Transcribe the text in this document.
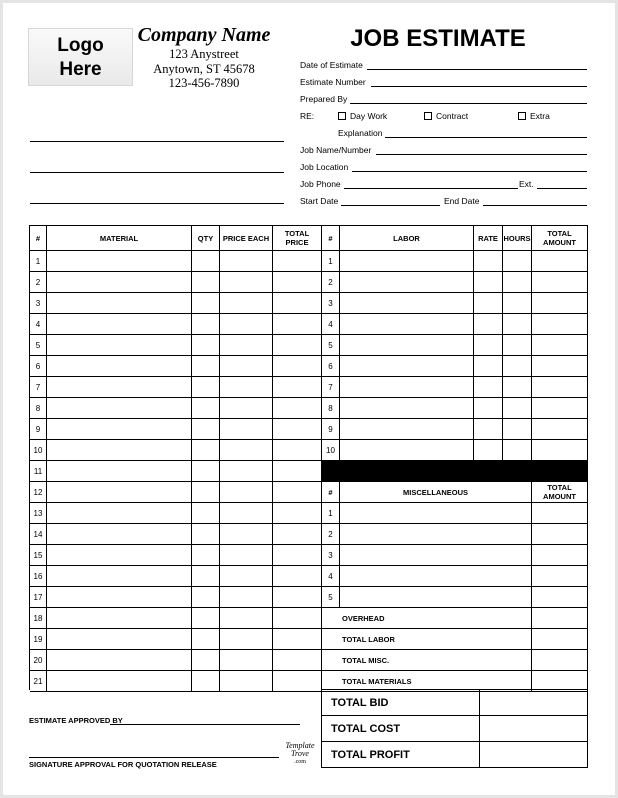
Logo
Here
Company Name
123 Anystreet
Anytown, ST 45678
123-456-7890
JOB ESTIMATE
Date of Estimate
Estimate Number
Prepared By
RE:	Day Work	Contract	Extra
Explanation
Job Name/Number
Job Location
Job Phone	Ext.
Start Date	End Date
#	MATERIAL	QTY	PRICE EACH	TOTAL PRICE
1
2
3
4
5
6
7
8
9
10
11
12
13
14
15
16
17
18
19
20
21
#	LABOR	RATE HOURS	TOTAL AMOUNT
1
2
3
4
5
6
7
8
9
10
#	MISCELLANEOUS	TOTAL AMOUNT
1
2
3
4
5
OVERHEAD
TOTAL LABOR
TOTAL MISC.
TOTAL MATERIALS
TOTAL BID
TOTAL COST
TOTAL PROFIT
ESTIMATE APPROVED BY
SIGNATURE APPROVAL FOR QUOTATION RELEASE
Template
Trove
.com
